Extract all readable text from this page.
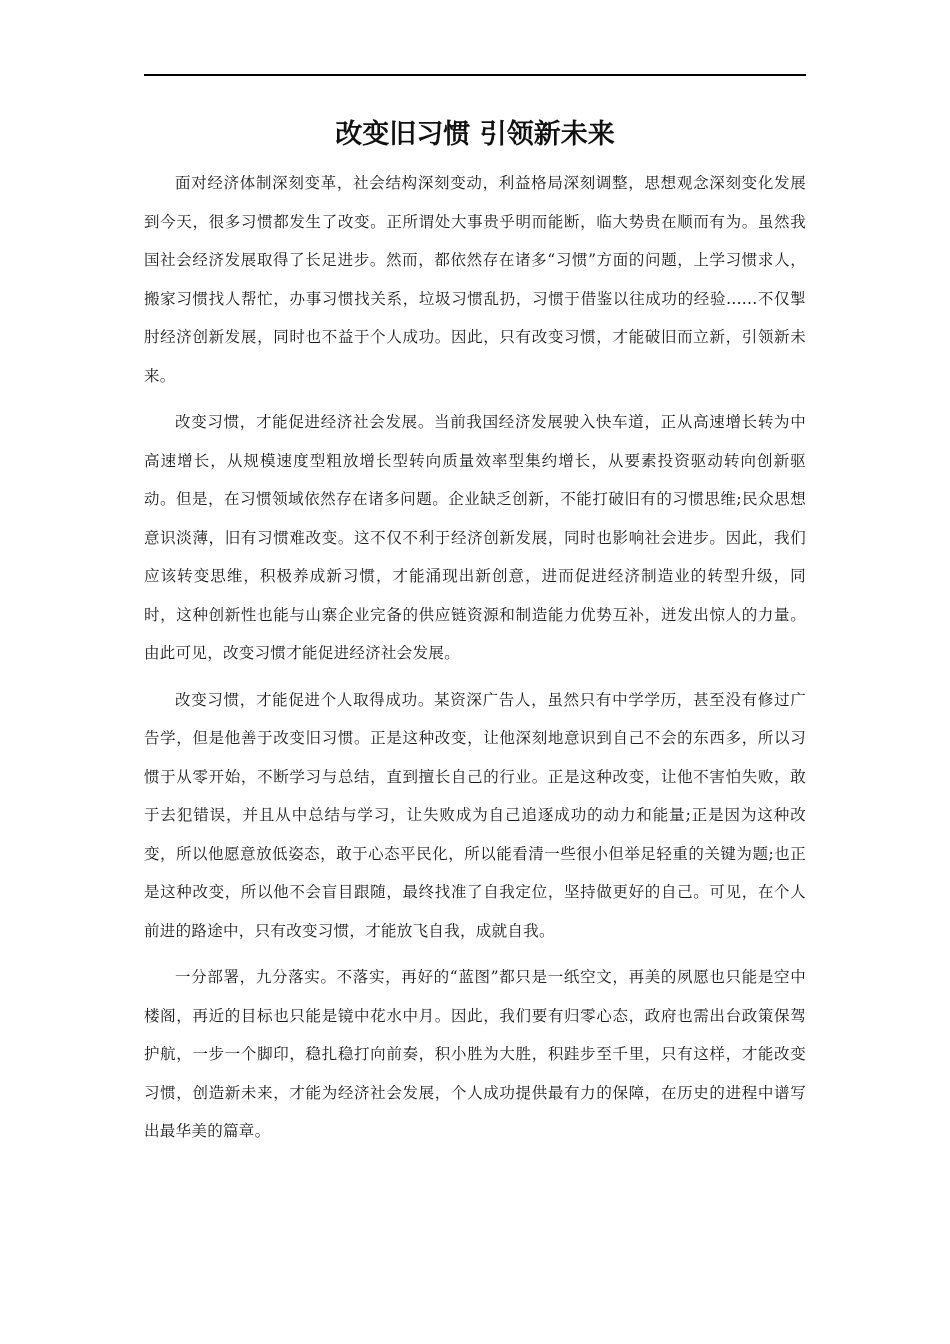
改变旧习惯 引领新未来

面对经济体制深刻变革，社会结构深刻变动，利益格局深刻调整，思想观念深刻变化发展到今天，很多习惯都发生了改变。正所谓处大事贵乎明而能断，临大势贵在顺而有为。虽然我国社会经济发展取得了长足进步。然而，都依然存在诸多“习惯”方面的问题，上学习惯求人，搬家习惯找人帮忙，办事习惯找关系，垃圾习惯乱扔，习惯于借鉴以往成功的经验......不仅掣肘经济创新发展，同时也不益于个人成功。因此，只有改变习惯，才能破旧而立新，引领新未来。

改变习惯，才能促进经济社会发展。当前我国经济发展驶入快车道，正从高速增长转为中高速增长，从规模速度型粗放增长型转向质量效率型集约增长，从要素投资驱动转向创新驱动。但是，在习惯领域依然存在诸多问题。企业缺乏创新，不能打破旧有的习惯思维;民众思想意识淡薄，旧有习惯难改变。这不仅不利于经济创新发展，同时也影响社会进步。因此，我们应该转变思维，积极养成新习惯，才能涌现出新创意，进而促进经济制造业的转型升级，同时，这种创新性也能与山寨企业完备的供应链资源和制造能力优势互补，迸发出惊人的力量。由此可见，改变习惯才能促进经济社会发展。

改变习惯，才能促进个人取得成功。某资深广告人，虽然只有中学学历，甚至没有修过广告学，但是他善于改变旧习惯。正是这种改变，让他深刻地意识到自己不会的东西多，所以习惯于从零开始，不断学习与总结，直到擅长自己的行业。正是这种改变，让他不害怕失败，敢于去犯错误，并且从中总结与学习，让失败成为自己追逐成功的动力和能量;正是因为这种改变，所以他愿意放低姿态，敢于心态平民化，所以能看清一些很小但举足轻重的关键为题;也正是这种改变，所以他不会盲目跟随，最终找准了自我定位，坚持做更好的自己。可见，在个人前进的路途中，只有改变习惯，才能放飞自我，成就自我。

一分部署，九分落实。不落实，再好的“蓝图”都只是一纸空文，再美的夙愿也只能是空中楼阁，再近的目标也只能是镜中花水中月。因此，我们要有归零心态，政府也需出台政策保驾护航，一步一个脚印，稳扎稳打向前奏，积小胜为大胜，积跬步至千里，只有这样，才能改变习惯，创造新未来，才能为经济社会发展，个人成功提供最有力的保障，在历史的进程中谱写出最华美的篇章。
